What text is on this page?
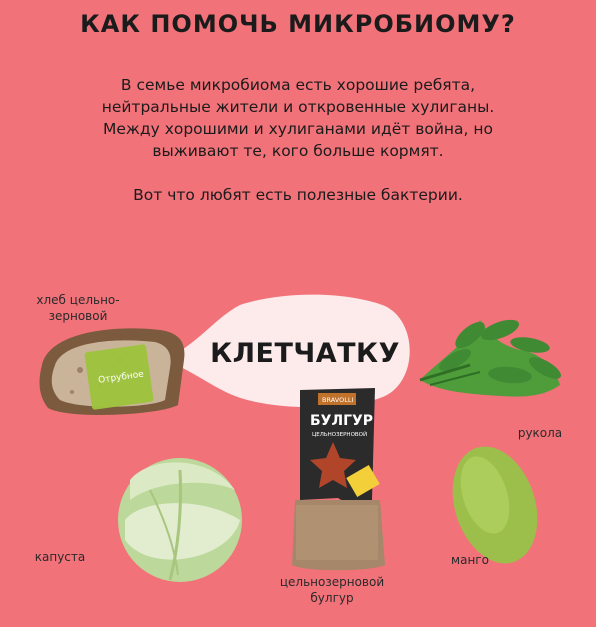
КАК ПОМОЧЬ МИКРОБИОМУ?

В семье микробиома есть хорошие ребята,

нейтральные жители и откровенные хулиганы.

Между хорошими и хулиганами идёт война, но

выживают те, кого больше кормят.

Вот что любят есть полезные бактерии.

Отрубное
BRAVOLLI
БУЛГУР
ЦЕЛЬНОЗЕРНОВОЙ
КЛЕТЧАТКУ
хлеб цельно-
зерновой
рукола
капуста	манго
цельнозерновой
булгур
